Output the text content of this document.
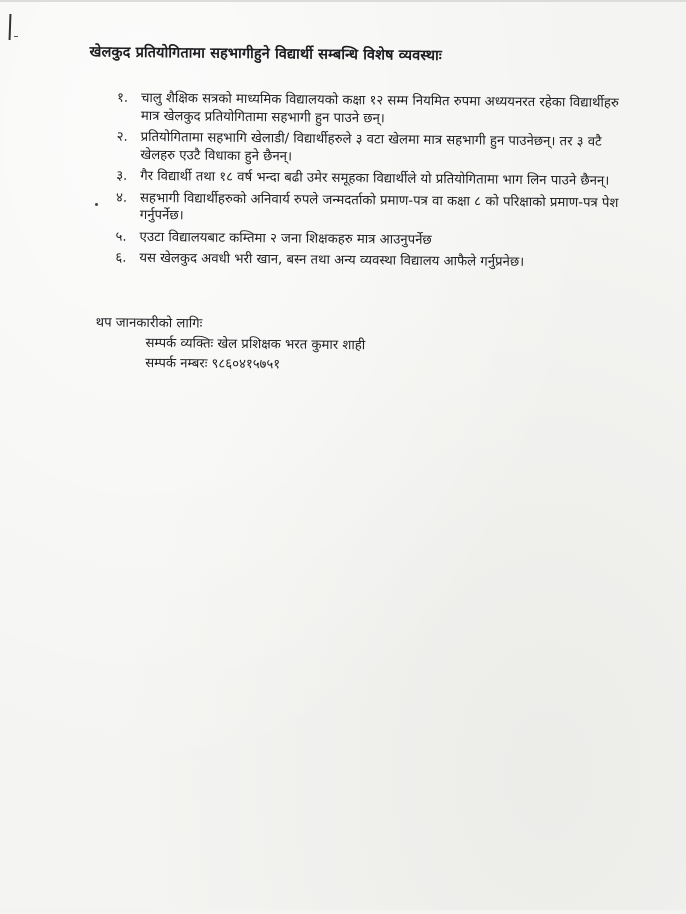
खेलकुद प्रतियोगितामा सहभागीहुने विद्यार्थी सम्बन्धि विशेष व्यवस्थाः
१. चालु शैक्षिक सत्रको माध्यमिक विद्यालयको कक्षा १२ सम्म नियमित रुपमा अध्ययनरत रहेका विद्यार्थीहरु मात्र खेलकुद प्रतियोगितामा सहभागी हुन पाउने छन्।
२. प्रतियोगितामा सहभागि खेलाडी/ विद्यार्थीहरुले ३ वटा खेलमा मात्र सहभागी हुन पाउनेछन्। तर ३ वटै खेलहरु एउटै विधाका हुने छैनन्।
३. गैर विद्यार्थी तथा १८ वर्ष भन्दा बढी उमेर समूहका विद्यार्थीले यो प्रतियोगितामा भाग लिन पाउने छैनन्।
४. सहभागी विद्यार्थीहरुको अनिवार्य रुपले जन्मदर्ताको प्रमाण-पत्र वा कक्षा ८ को परिक्षाको प्रमाण-पत्र पेश गर्नुपर्नेछ।
५. एउटा विद्यालयबाट कम्तिमा २ जना शिक्षकहरु मात्र आउनुपर्नेछ
६. यस खेलकुद अवधी भरी खान, बस्न तथा अन्य व्यवस्था विद्यालय आफैले गर्नुप्रनेछ।
थप जानकारीको लागिः
सम्पर्क व्यक्तिः खेल प्रशिक्षक भरत कुमार शाही
सम्पर्क नम्बरः ९८६०४१५७५१
